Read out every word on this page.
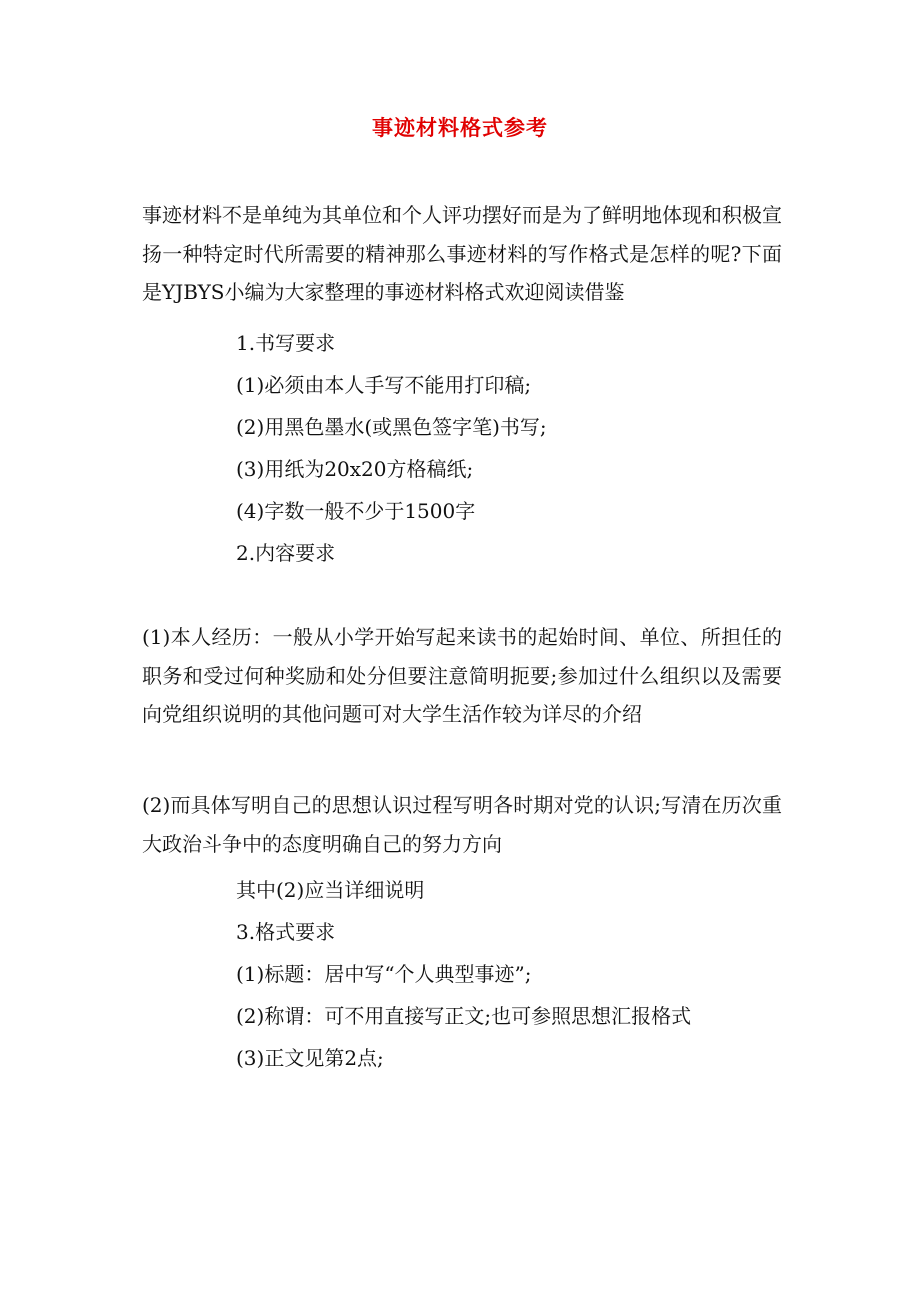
事迹材料格式参考

事迹材料不是单纯为其单位和个人评功摆好而是为了鲜明地体现和积极宣扬一种特定时代所需要的精神那么事迹材料的写作格式是怎样的呢?下面是YJBYS小编为大家整理的事迹材料格式欢迎阅读借鉴

1.书写要求

(1)必须由本人手写不能用打印稿;

(2)用黑色墨水(或黑色签字笔)书写;

(3)用纸为20x20方格稿纸;

(4)字数一般不少于1500字

2.内容要求

(1)本人经历：一般从小学开始写起来读书的起始时间、单位、所担任的职务和受过何种奖励和处分但要注意简明扼要;参加过什么组织以及需要向党组织说明的其他问题可对大学生活作较为详尽的介绍

(2)而具体写明自己的思想认识过程写明各时期对党的认识;写清在历次重大政治斗争中的态度明确自己的努力方向

其中(2)应当详细说明

3.格式要求

(1)标题：居中写“个人典型事迹”;

(2)称谓：可不用直接写正文;也可参照思想汇报格式

(3)正文见第2点;
